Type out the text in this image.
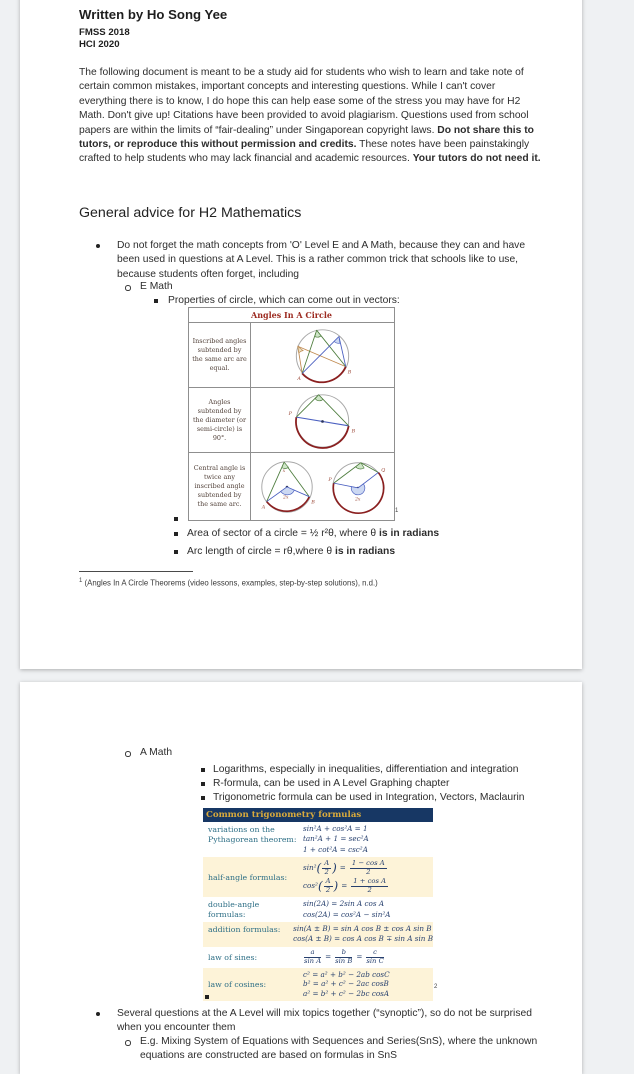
Written by Ho Song Yee
FMSS 2018
HCI 2020
The following document is meant to be a study aid for students who wish to learn and take note of certain common mistakes, important concepts and interesting questions. While I can't cover everything there is to know, I do hope this can help ease some of the stress you may have for H2 Math. Don't give up! Citations have been provided to avoid plagiarism. Questions used from school papers are within the limits of “fair-dealing” under Singaporean copyright laws. Do not share this to tutors, or reproduce this without permission and credits. These notes have been painstakingly crafted to help students who may lack financial and academic resources. Your tutors do not need it.
General advice for H2 Mathematics
Do not forget the math concepts from 'O' Level E and A Math, because they can and have been used in questions at A Level. This is a rather common trick that schools like to use, because students often forget, including
E Math
Properties of circle, which can come out in vectors:
Angles In A Circle
Inscribed angles subtended by the same arc are equal.
A
B
Angles subtended by the diameter (or semi-circle) is 90°.
P
B
Central angle is twice any inscribed angle subtended by the same arc.
x
2x
A
B
2x
P
Q
1
Area of sector of a circle = ½ r²θ, where θ is in radians
Arc length of circle = rθ,where θ is in radians
$^1$ (Angles In A Circle Theorems (video lessons, examples, step-by-step solutions), n.d.)
A Math
Logarithms, especially in inequalities, differentiation and integration
R-formula, can be used in A Level Graphing chapter
Trigonometric formula can be used in Integration, Vectors, Maclaurin
Common trigonometry formulas
variations on the Pythagorean theorem:
sin²A + cos²A = 1
tan²A + 1 = sec²A
1 + cot²A = csc²A
half-angle formulas:
sin² ( $\frac{A}{2}$ ) = $\frac{\text{1 − cos A}}{2}$
cos² ( $\frac{A}{2}$ ) = $\frac{\text{1 + cos A}}{2}$
double-angle formulas:
sin(2A) = 2sin A cos A
cos(2A) = cos²A − sin²A
addition formulas:	sin(A ± B) = sin A cos B ± cos A sin B
cos(A ± B) = cos A cos B ∓ sin A sin B
law of sines:	$\frac{a}{\text{sin A}} = \frac{b}{\text{sin B}} = \frac{c}{\text{sin C}}$
law of cosines:
c² = a² + b² − 2ab cosC
b² = a² + c² − 2ac cosB
a² = b² + c² − 2bc cosA
2
Several questions at the A Level will mix topics together (“synoptic”), so do not be surprised when you encounter them
E.g. Mixing System of Equations with Sequences and Series(SnS), where the unknown equations are constructed are based on formulas in SnS
